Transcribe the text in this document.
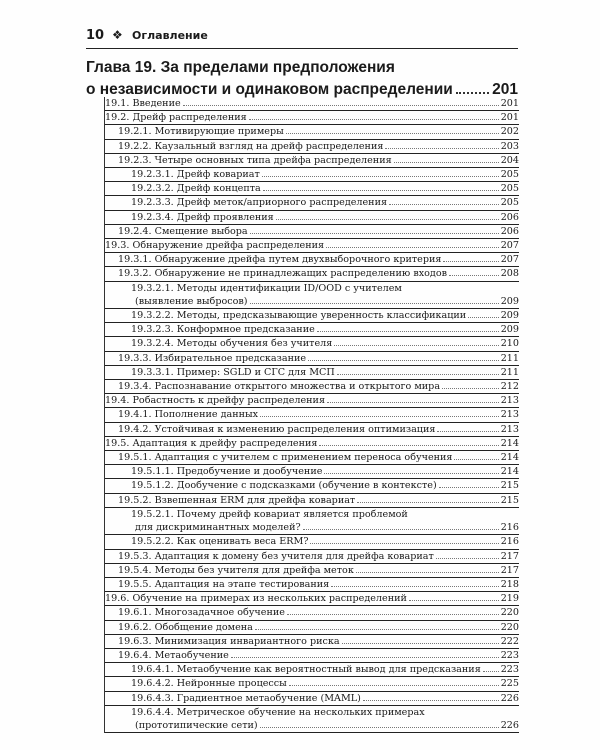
10 ❖ Оглавление
Глава 19. За пределами предположения
о независимости и одинаковом распределении	201
19.1. Введение	201
19.2. Дрейф распределения	201
19.2.1. Мотивирующие примеры	202
19.2.2. Каузальный взгляд на дрейф распределения	203
19.2.3. Четыре основных типа дрейфа распределения	204
19.2.3.1. Дрейф ковариат	205
19.2.3.2. Дрейф концепта	205
19.2.3.3. Дрейф меток/априорного распределения	205
19.2.3.4. Дрейф проявления	206
19.2.4. Смещение выбора	206
19.3. Обнаружение дрейфа распределения	207
19.3.1. Обнаружение дрейфа путем двухвыборочного критерия	207
19.3.2. Обнаружение не принадлежащих распределению входов	208
19.3.2.1. Методы идентификации ID/OOD с учителем
(выявление выбросов)	209
19.3.2.2. Методы, предсказывающие уверенность классификации	209
19.3.2.3. Конформное предсказание	209
19.3.2.4. Методы обучения без учителя	210
19.3.3. Избирательное предсказание	211
19.3.3.1. Пример: SGLD и СГС для МСП	211
19.3.4. Распознавание открытого множества и открытого мира	212
19.4. Робастность к дрейфу распределения	213
19.4.1. Пополнение данных	213
19.4.2. Устойчивая к изменению распределения оптимизация	213
19.5. Адаптация к дрейфу распределения	214
19.5.1. Адаптация с учителем с применением переноса обучения	214
19.5.1.1. Предобучение и дообучение	214
19.5.1.2. Дообучение с подсказками (обучение в контексте)	215
19.5.2. Взвешенная ERM для дрейфа ковариат	215
19.5.2.1. Почему дрейф ковариат является проблемой
для дискриминантных моделей?	216
19.5.2.2. Как оценивать веса ERM?	216
19.5.3. Адаптация к домену без учителя для дрейфа ковариат	217
19.5.4. Методы без учителя для дрейфа меток	217
19.5.5. Адаптация на этапе тестирования	218
19.6. Обучение на примерах из нескольких распределений	219
19.6.1. Многозадачное обучение	220
19.6.2. Обобщение домена	220
19.6.3. Минимизация инвариантного риска	222
19.6.4. Метаобучение	223
19.6.4.1. Метаобучение как вероятностный вывод для предсказания 223
19.6.4.2. Нейронные процессы	225
19.6.4.3. Градиентное метаобучение (MAML)	226
19.6.4.4. Метрическое обучение на нескольких примерах
(прототипические сети)	226
